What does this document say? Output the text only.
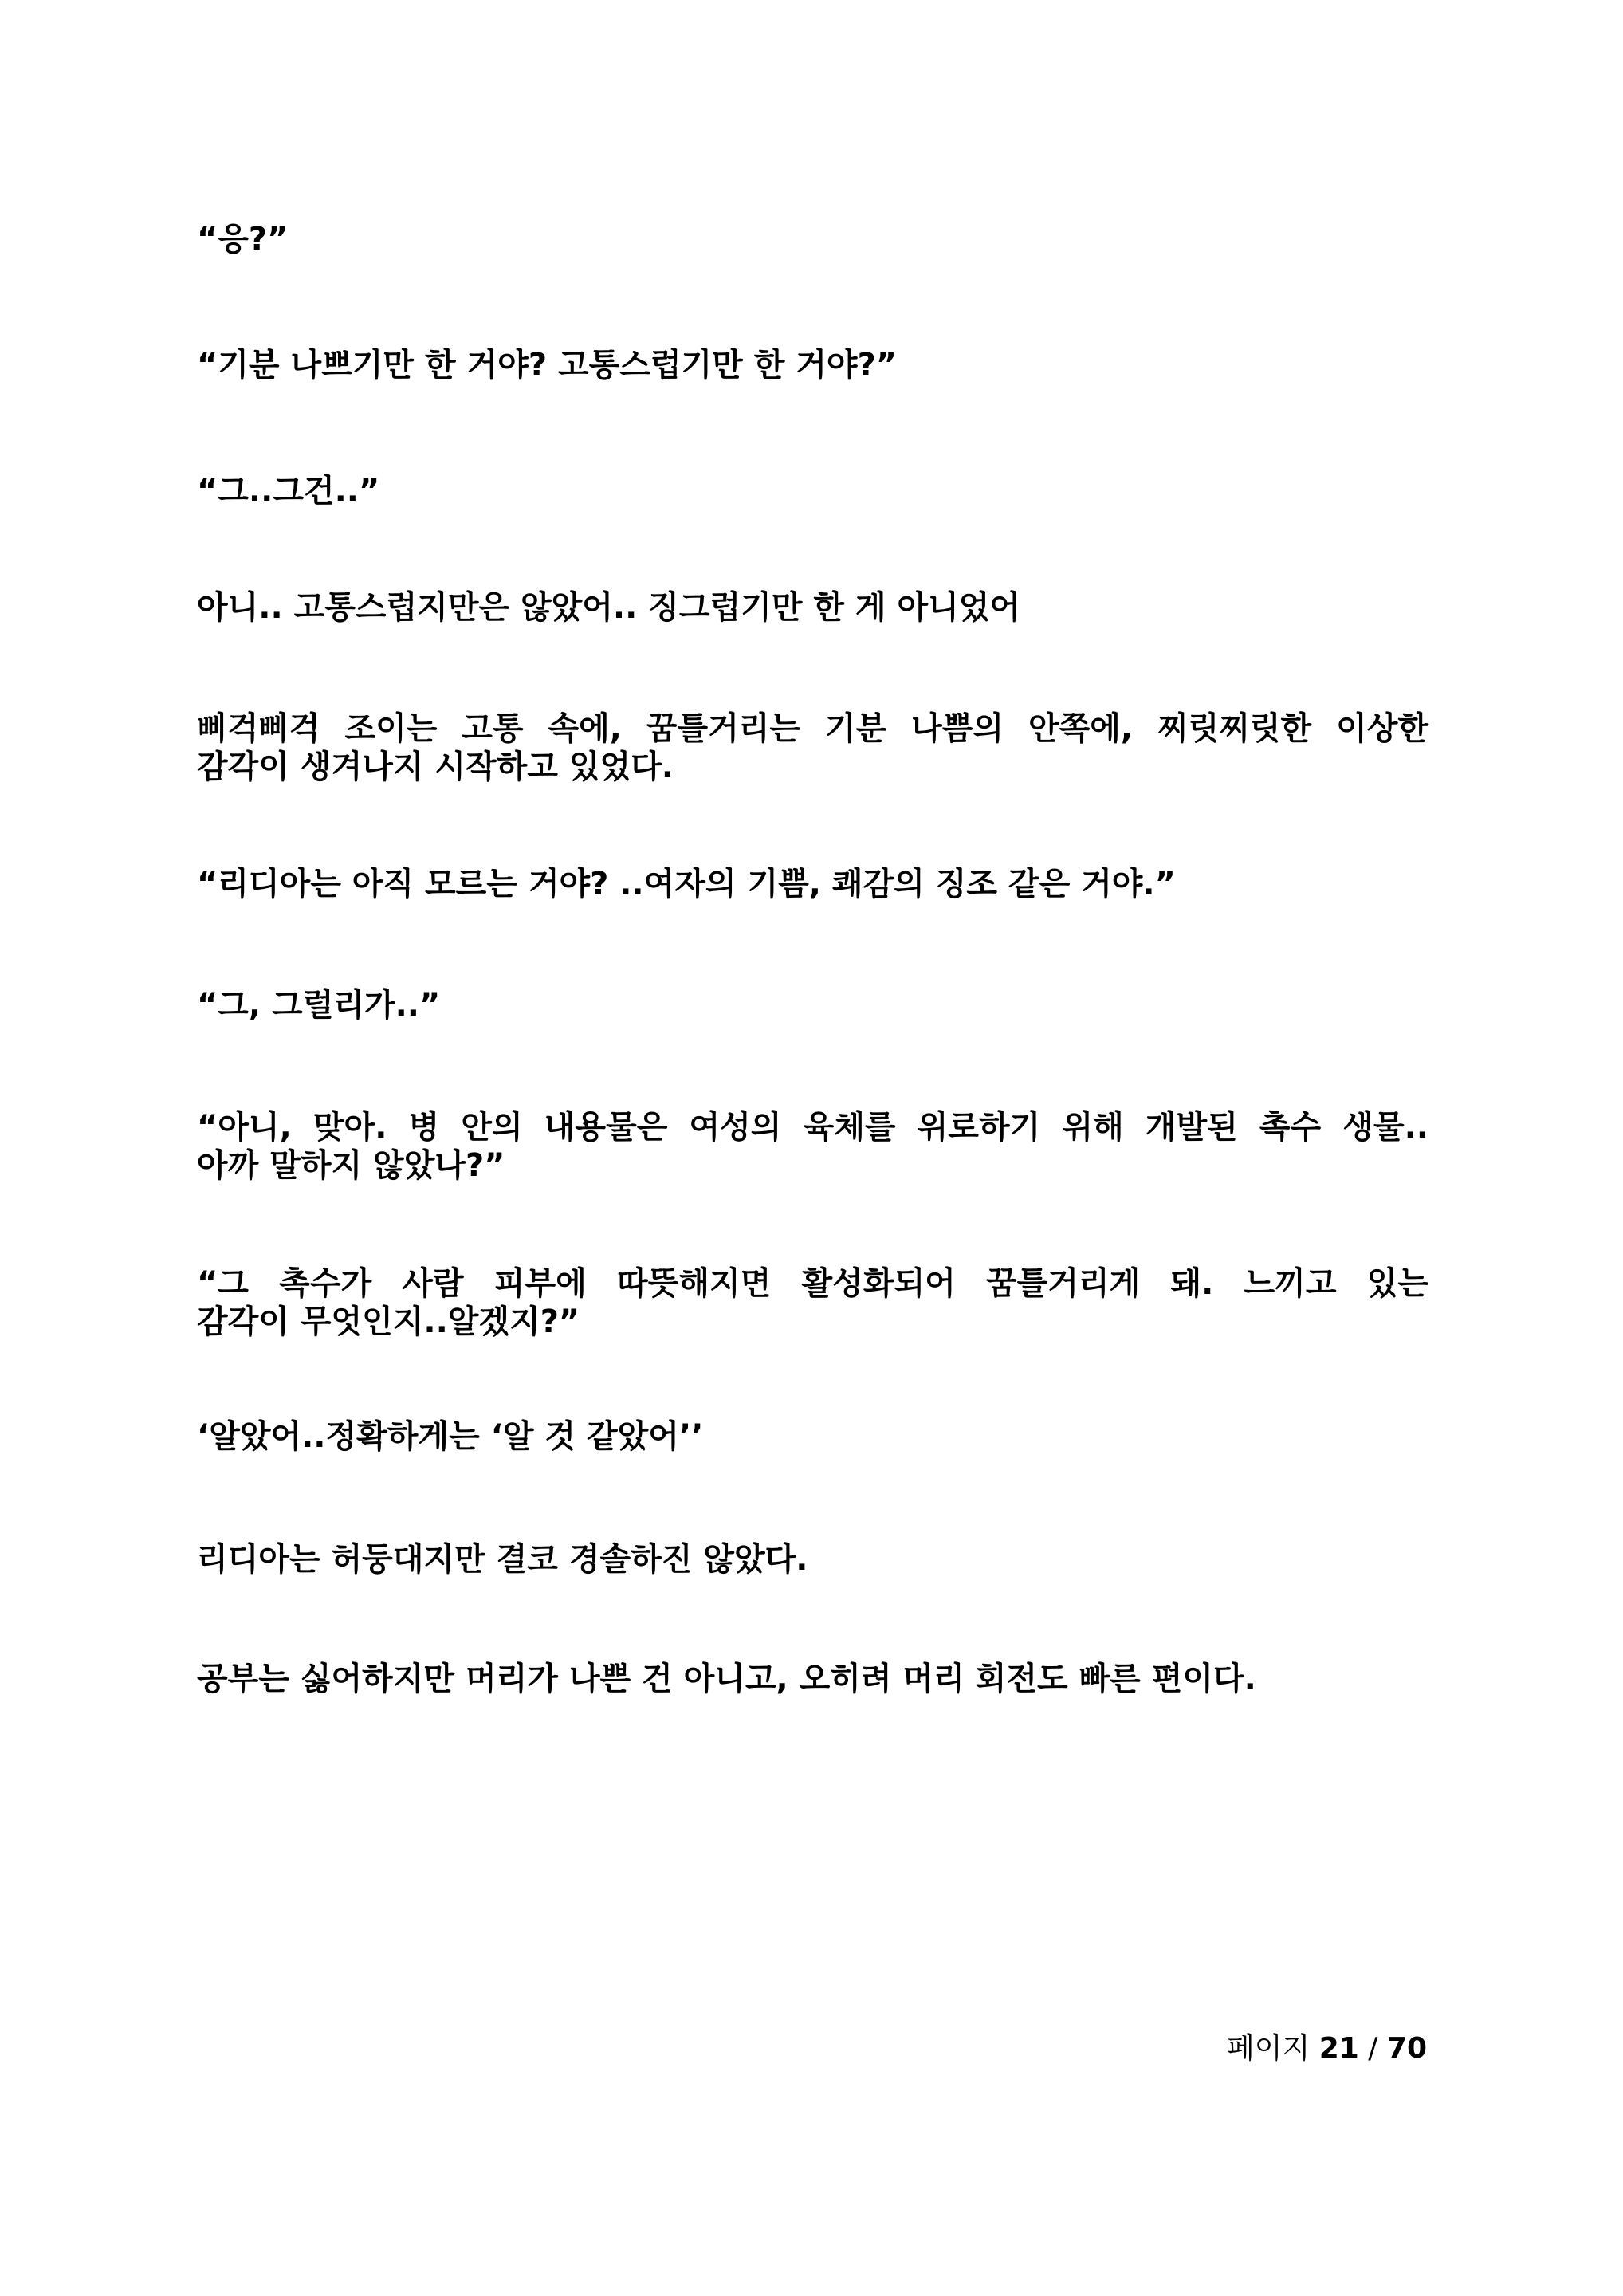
“응?”

“기분 나쁘기만 한 거야? 고통스럽기만 한 거야?”

“그..그건..”

아니.. 고통스럽지만은 않았어.. 징그럽기만 한 게 아니었어

삐걱삐걱 조이는 고통 속에, 꿈틀거리는 기분 나쁨의 안쪽에, 찌릿찌릿한 이상한
감각이 생겨나지 시작하고 있었다.

“리디아는 아직 모르는 거야? ..여자의 기쁨, 쾌감의 징조 같은 거야.”

“그, 그럴리가..”

“아니, 맞아. 병 안의 내용물은 여성의 육체를 위로하기 위해 개발된 촉수 생물..
아까 말하지 않았나?”
“그 촉수가 사람 피부에 따뜻해지면 활성화되어 꿈틀거리게 돼. 느끼고 있는
감각이 무엇인지..알겠지?”

‘알았어..정확하게는 ‘알 것 같았어’’

리디아는 허둥대지만 결코 경솔하진 않았다.

공부는 싫어하지만 머리가 나쁜 건 아니고, 오히려 머리 회전도 빠른 편이다.

페이지 21 / 70
